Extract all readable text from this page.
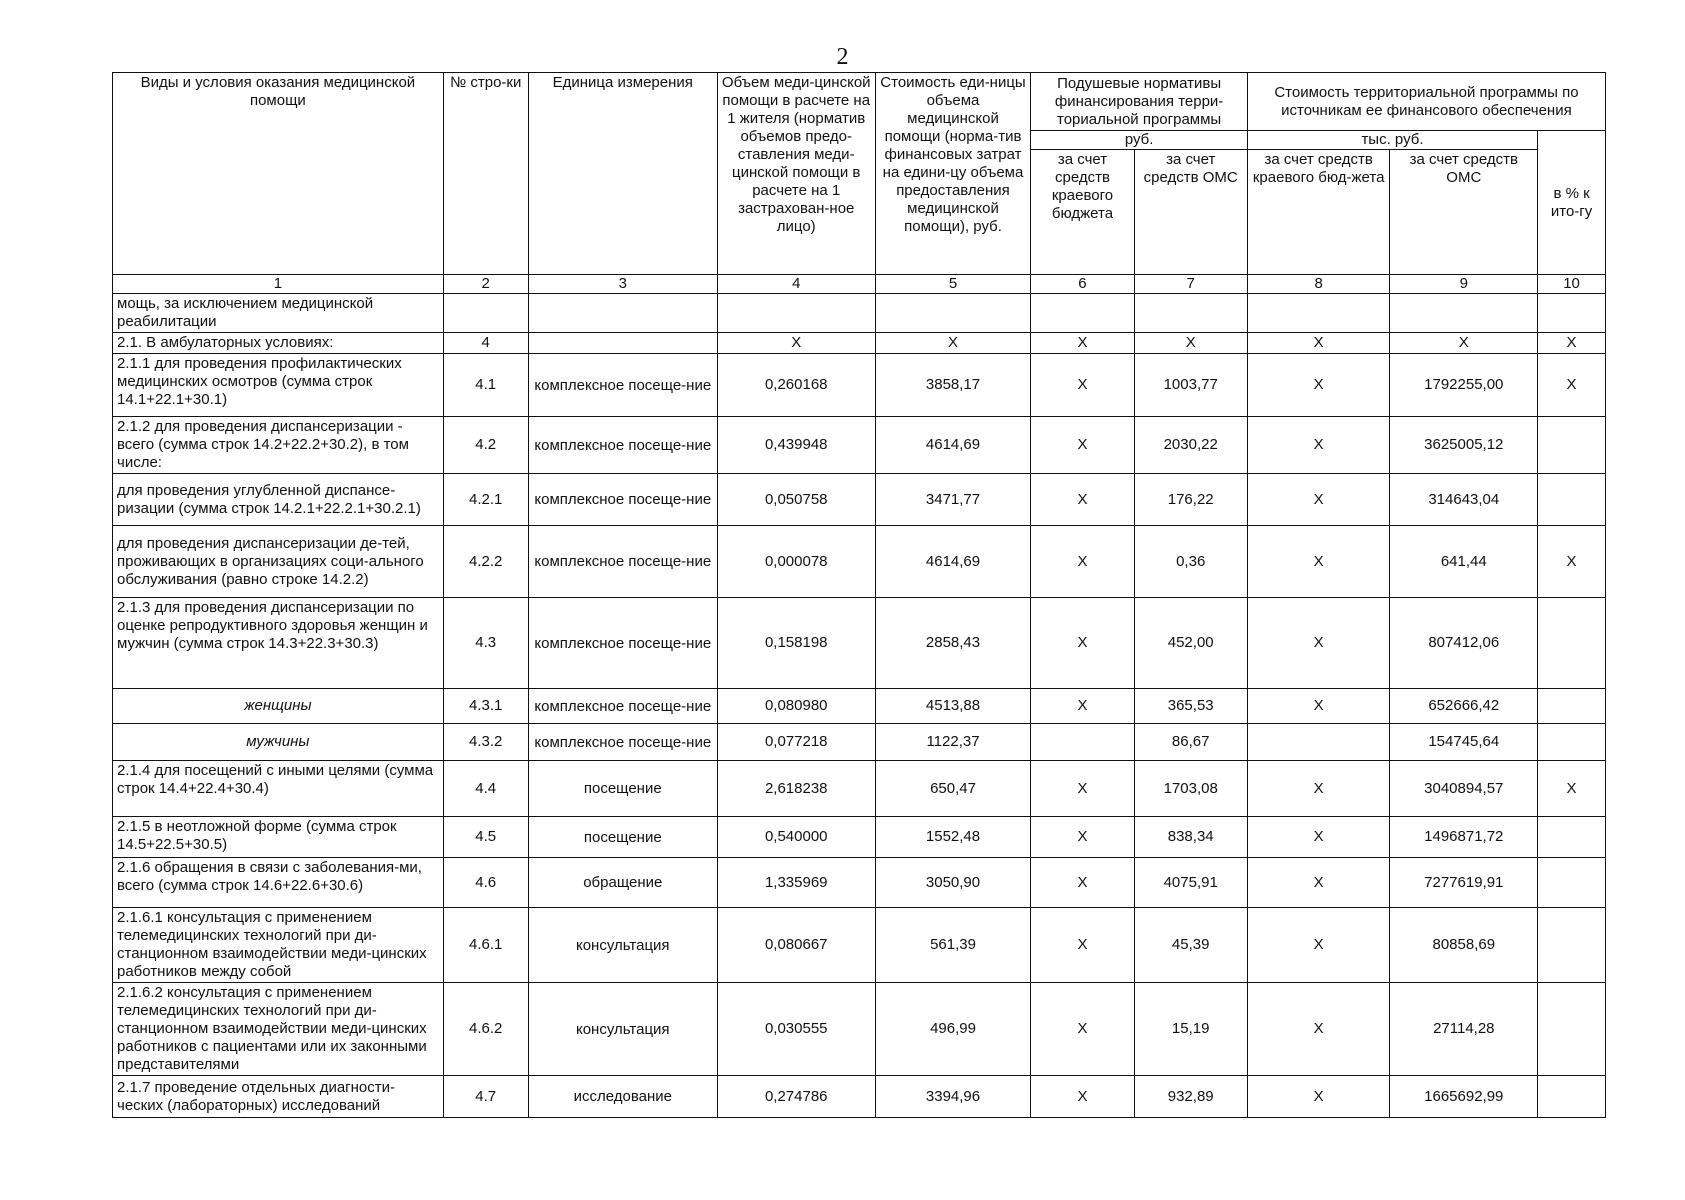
2
Виды и условия оказания медицинской помощи	№ стро-ки	Единица измерения	Объем меди-цинской помощи в расчете на 1 жителя (норматив объемов предо-ставления меди-цинской помощи в расчете на 1 застрахован-ное лицо)	Стоимость еди-ницы объема медицинской помощи (норма-тив финансовых затрат на едини-цу объема предоставления медицинской помощи), руб.	Подушевые нормативы финансирования терри-ториальной программы		Стоимость территориальной программы по источникам ее финансового обеспечения		
					руб.		тыс. руб.		в % к ито-гу
					за счет средств краевого бюджета	за счет средств ОМС	за счет средств краевого бюд-жета	за счет средств ОМС	
1	2	3	4	5	6	7	8	9	10
мощь, за исключением медицинской реабилитации									
2.1. В амбулаторных условиях:	4		X	X	X	X	X	X	X
2.1.1 для проведения профилактических медицинских осмотров (сумма строк 14.1+22.1+30.1)	4.1	комплексное посеще-ние	0,260168	3858,17	X	1003,77	X	1792255,00	X
2.1.2 для проведения диспансеризации - всего (сумма строк 14.2+22.2+30.2), в том числе:	4.2	комплексное посеще-ние	0,439948	4614,69	X	2030,22	X	3625005,12	
для проведения углубленной диспансе-ризации (сумма строк 14.2.1+22.2.1+30.2.1)	4.2.1	комплексное посеще-ние	0,050758	3471,77	X	176,22	X	314643,04	
для проведения диспансеризации де-тей, проживающих в организациях соци-ального обслуживания (равно строке 14.2.2)	4.2.2	комплексное посеще-ние	0,000078	4614,69	X	0,36	X	641,44	X
2.1.3 для проведения диспансеризации по оценке репродуктивного здоровья женщин и мужчин (сумма строк 14.3+22.3+30.3)	4.3	комплексное посеще-ние	0,158198	2858,43	X	452,00	X	807412,06	
женщины	4.3.1	комплексное посеще-ние	0,080980	4513,88	X	365,53	X	652666,42	
мужчины	4.3.2	комплексное посеще-ние	0,077218	1122,37		86,67		154745,64	
2.1.4 для посещений с иными целями (сумма строк 14.4+22.4+30.4)	4.4	посещение	2,618238	650,47	X	1703,08	X	3040894,57	X
2.1.5 в неотложной форме (сумма строк 14.5+22.5+30.5)	4.5	посещение	0,540000	1552,48	X	838,34	X	1496871,72	
2.1.6 обращения в связи с заболевания-ми, всего (сумма строк 14.6+22.6+30.6)	4.6	обращение	1,335969	3050,90	X	4075,91	X	7277619,91	
2.1.6.1 консультация с применением телемедицинских технологий при ди-станционном взаимодействии меди-цинских работников между собой	4.6.1	консультация	0,080667	561,39	X	45,39	X	80858,69	
2.1.6.2 консультация с применением телемедицинских технологий при ди-станционном взаимодействии меди-цинских работников с пациентами или их законными представителями	4.6.2	консультация	0,030555	496,99	X	15,19	X	27114,28	
2.1.7 проведение отдельных диагности-ческих (лабораторных) исследований	4.7	исследование	0,274786	3394,96	X	932,89	X	1665692,99	
